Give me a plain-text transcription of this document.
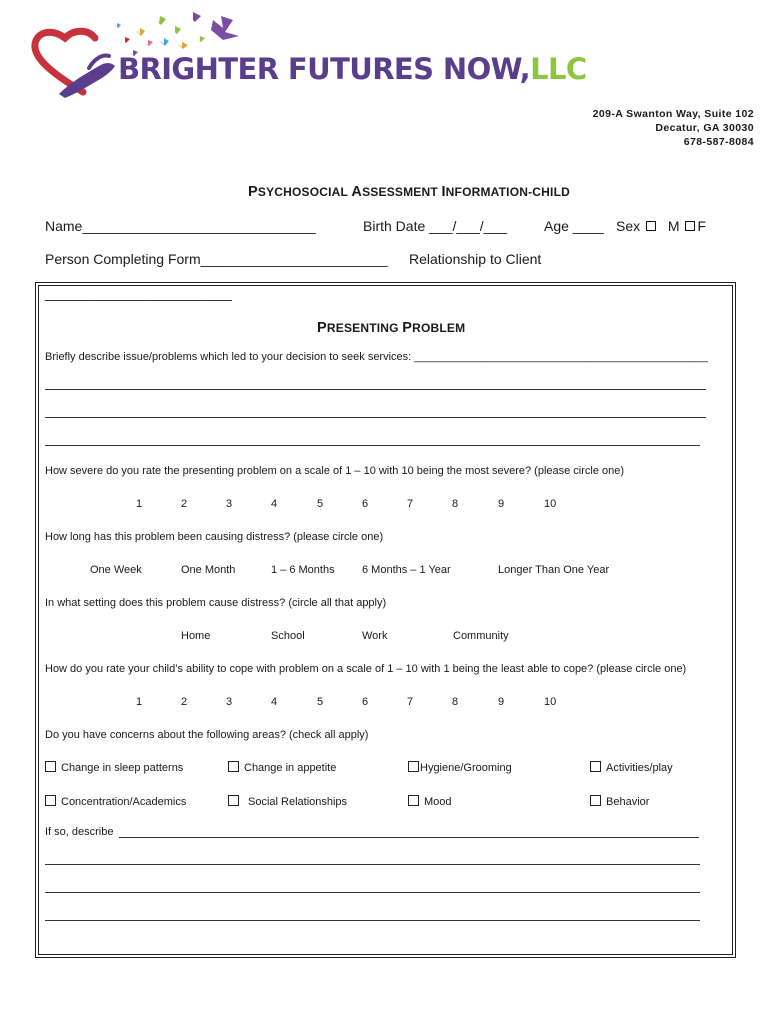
BRIGHTER FUTURES NOW,LLC
209-A Swanton Way, Suite 102
Decatur, GA 30030
678-587-8084
PSYCHOSOCIAL ASSESSMENT INFORMATION-CHILD
Name______________________________	Birth Date ___/___/___	Age ____ Sex M F
Person Completing Form________________________ Relationship to Client
________________________
PRESENTING PROBLEM
Briefly describe issue/problems which led to your decision to seek services: ________________________________________________
How severe do you rate the presenting problem on a scale of 1 – 10 with 10 being the most severe? (please circle one)
1	2	3	4	5	6	7	8	9	10
How long has this problem been causing distress? (please circle one)
One Week	One Month	1 – 6 Months 6 Months – 1 Year	Longer Than One Year
In what setting does this problem cause distress? (circle all that apply)
Home	School	Work	Community
How do you rate your child’s ability to cope with problem on a scale of 1 – 10 with 1 being the least able to cope? (please circle one)
1	2	3	4	5	6	7	8	9	10
Do you have concerns about the following areas? (check all apply)
Change in sleep patterns	Change in appetite	Hygiene/Grooming	Activities/play
Concentration/Academics	Social Relationships	Mood	Behavior
If so, describe
